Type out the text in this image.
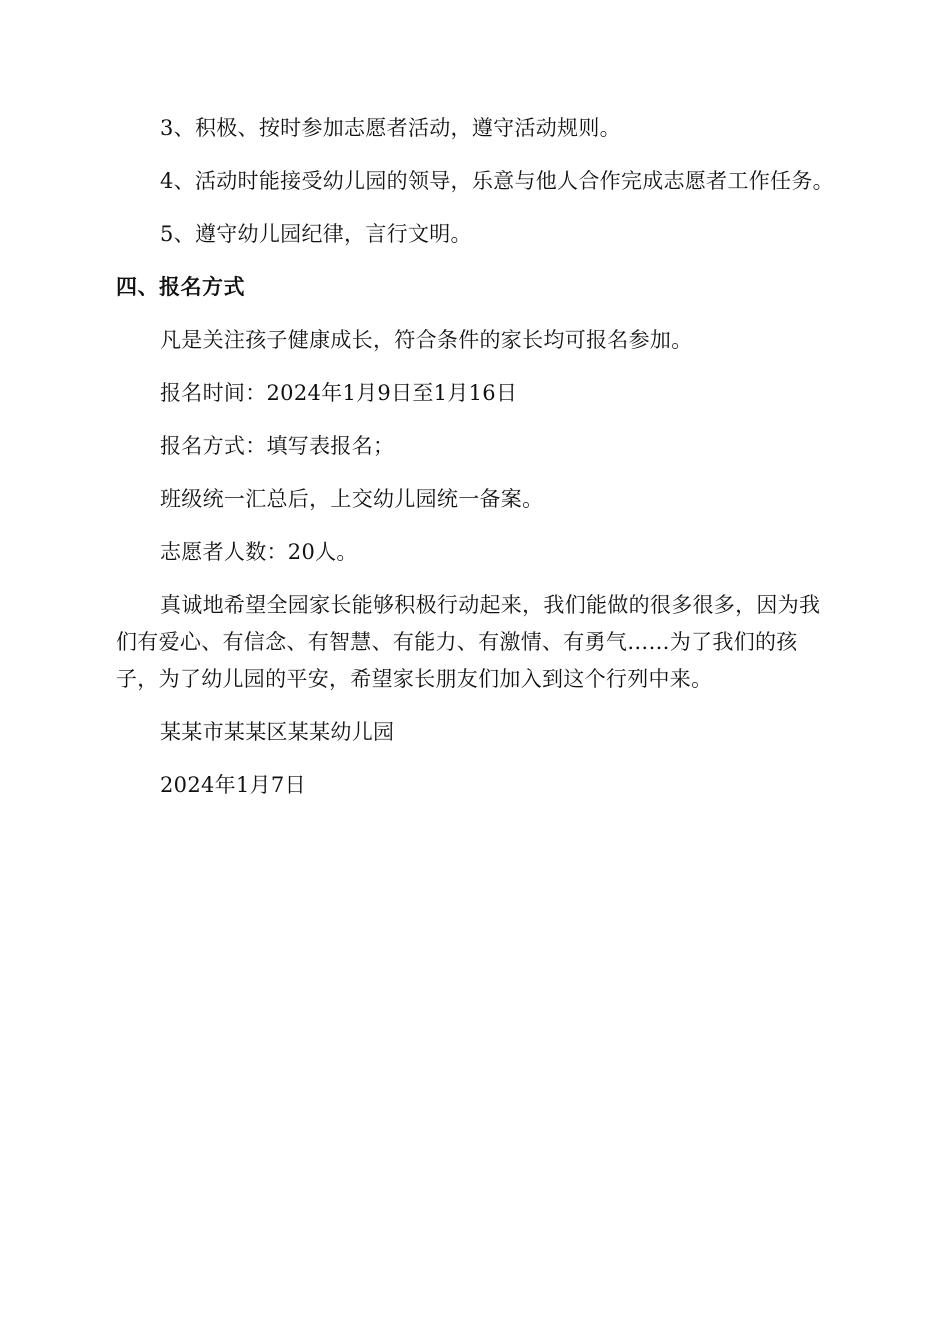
3、积极、按时参加志愿者活动，遵守活动规则。

4、活动时能接受幼儿园的领导，乐意与他人合作完成志愿者工作任务。

5、遵守幼儿园纪律，言行文明。

四、报名方式

凡是关注孩子健康成长，符合条件的家长均可报名参加。

报名时间：2024年1月9日至1月16日

报名方式：填写表报名；

班级统一汇总后，上交幼儿园统一备案。

志愿者人数：20人。

真诚地希望全园家长能够积极行动起来，我们能做的很多很多，因为我们有爱心、有信念、有智慧、有能力、有激情、有勇气……为了我们的孩子，为了幼儿园的平安，希望家长朋友们加入到这个行列中来。

某某市某某区某某幼儿园

2024年1月7日
